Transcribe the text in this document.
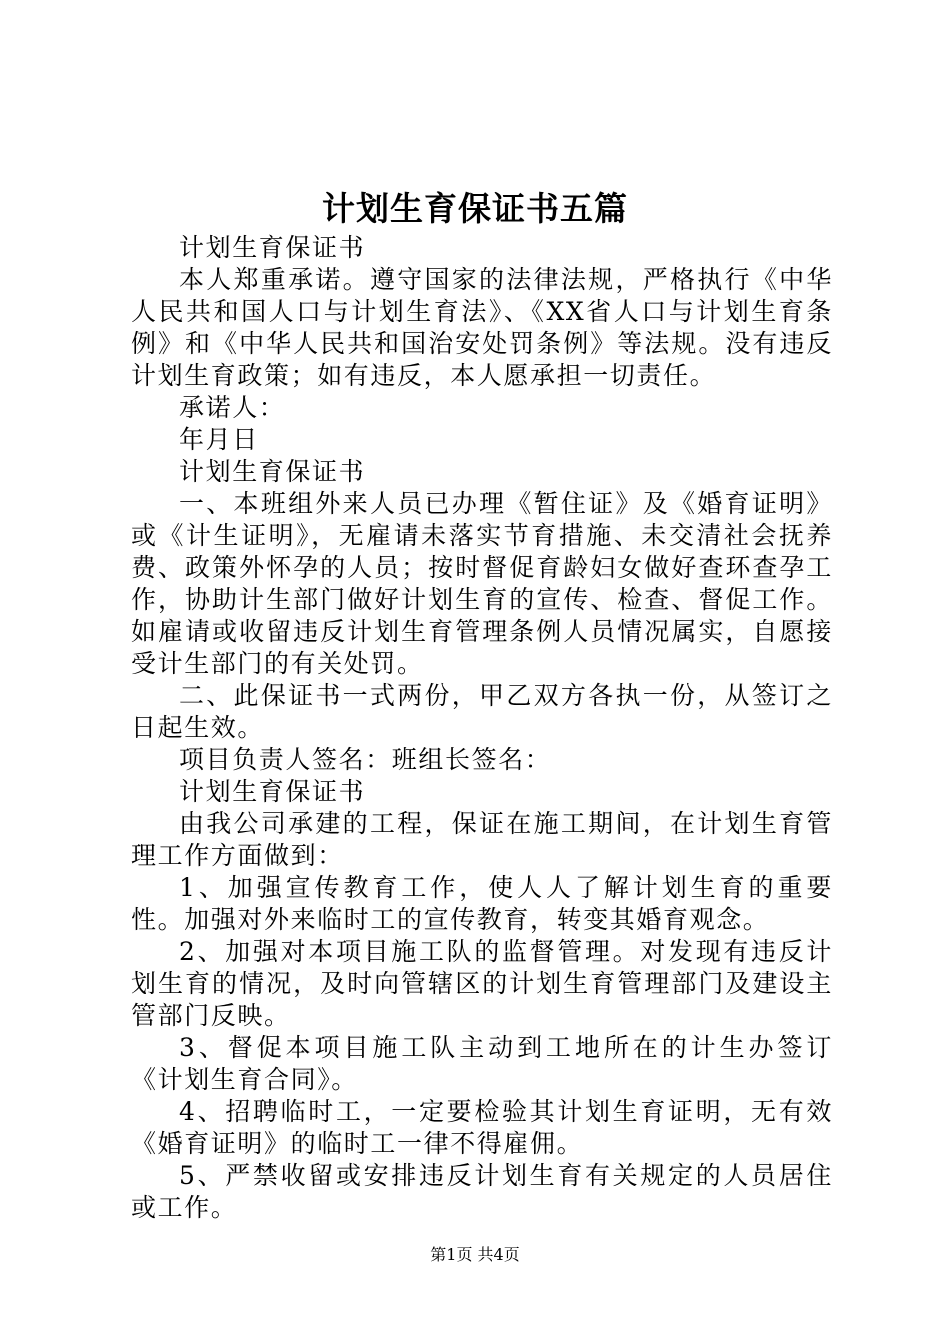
计划生育保证书五篇

计划生育保证书

本人郑重承诺。遵守国家的法律法规，严格执行《中华人民共和国人口与计划生育法》、《XX省人口与计划生育条例》和《中华人民共和国治安处罚条例》等法规。没有违反计划生育政策；如有违反，本人愿承担一切责任。

承诺人：

年月日

计划生育保证书

一、本班组外来人员已办理《暂住证》及《婚育证明》或《计生证明》，无雇请未落实节育措施、未交清社会抚养费、政策外怀孕的人员；按时督促育龄妇女做好查环查孕工作，协助计生部门做好计划生育的宣传、检查、督促工作。如雇请或收留违反计划生育管理条例人员情况属实，自愿接受计生部门的有关处罚。

二、此保证书一式两份，甲乙双方各执一份，从签订之日起生效。

项目负责人签名：班组长签名：

计划生育保证书

由我公司承建的工程，保证在施工期间，在计划生育管理工作方面做到：

1、加强宣传教育工作，使人人了解计划生育的重要性。加强对外来临时工的宣传教育，转变其婚育观念。

2、加强对本项目施工队的监督管理。对发现有违反计划生育的情况，及时向管辖区的计划生育管理部门及建设主管部门反映。

3、督促本项目施工队主动到工地所在的计生办签订《计划生育合同》。

4、招聘临时工，一定要检验其计划生育证明，无有效《婚育证明》的临时工一律不得雇佣。

5、严禁收留或安排违反计划生育有关规定的人员居住或工作。

第1页 共4页
